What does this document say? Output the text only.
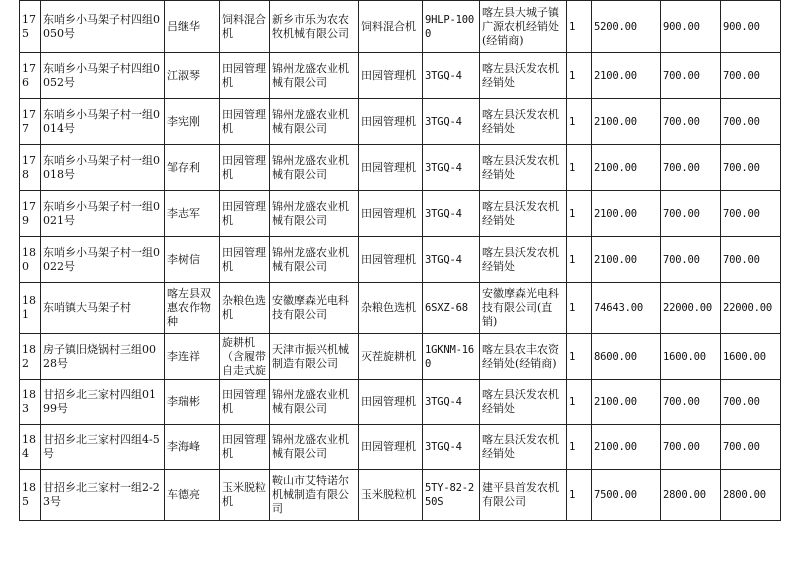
175	东哨乡小马架子村四组0050号	吕继华	饲料混合机	新乡市乐为农农牧机械有限公司	饲料混合机	9HLP-1000	喀左县大城子镇广源农机经销处(经销商)	1	5200.00	900.00	900.00

176	东哨乡小马架子村四组0052号	江淑琴	田园管理机	锦州龙盛农业机械有限公司	田园管理机	3TGQ-4	喀左县沃发农机经销处	1	2100.00	700.00	700.00

177	东哨乡小马架子村一组0014号	李宪刚	田园管理机	锦州龙盛农业机械有限公司	田园管理机	3TGQ-4	喀左县沃发农机经销处	1	2100.00	700.00	700.00

178	东哨乡小马架子村一组0018号	邹存利	田园管理机	锦州龙盛农业机械有限公司	田园管理机	3TGQ-4	喀左县沃发农机经销处	1	2100.00	700.00	700.00

179	东哨乡小马架子村一组0021号	李志军	田园管理机	锦州龙盛农业机械有限公司	田园管理机	3TGQ-4	喀左县沃发农机经销处	1	2100.00	700.00	700.00

180	东哨乡小马架子村一组0022号	李树信	田园管理机	锦州龙盛农业机械有限公司	田园管理机	3TGQ-4	喀左县沃发农机经销处	1	2100.00	700.00	700.00

181	东哨镇大马架子村	喀左县双惠农作物种	杂粮色选机	安徽摩森光电科技有限公司	杂粮色选机	6SXZ-68	安徽摩森光电科技有限公司(直销)	1	74643.00	22000.00	22000.00

182	房子镇旧烧锅村三组0028号	李连祥	旋耕机（含履带自走式旋	天津市振兴机械制造有限公司	灭茬旋耕机	1GKNM-160	喀左县农丰农资经销处(经销商)	1	8600.00	1600.00	1600.00

183	甘招乡北三家村四组0199号	李瑞彬	田园管理机	锦州龙盛农业机械有限公司	田园管理机	3TGQ-4	喀左县沃发农机经销处	1	2100.00	700.00	700.00

184	甘招乡北三家村四组4-5号	李海峰	田园管理机	锦州龙盛农业机械有限公司	田园管理机	3TGQ-4	喀左县沃发农机经销处	1	2100.00	700.00	700.00

185	甘招乡北三家村一组2-23号	车德亮	玉米脱粒机	鞍山市艾特诺尔机械制造有限公司	玉米脱粒机	5TY-82-250S	建平县首发农机有限公司	1	7500.00	2800.00	2800.00
